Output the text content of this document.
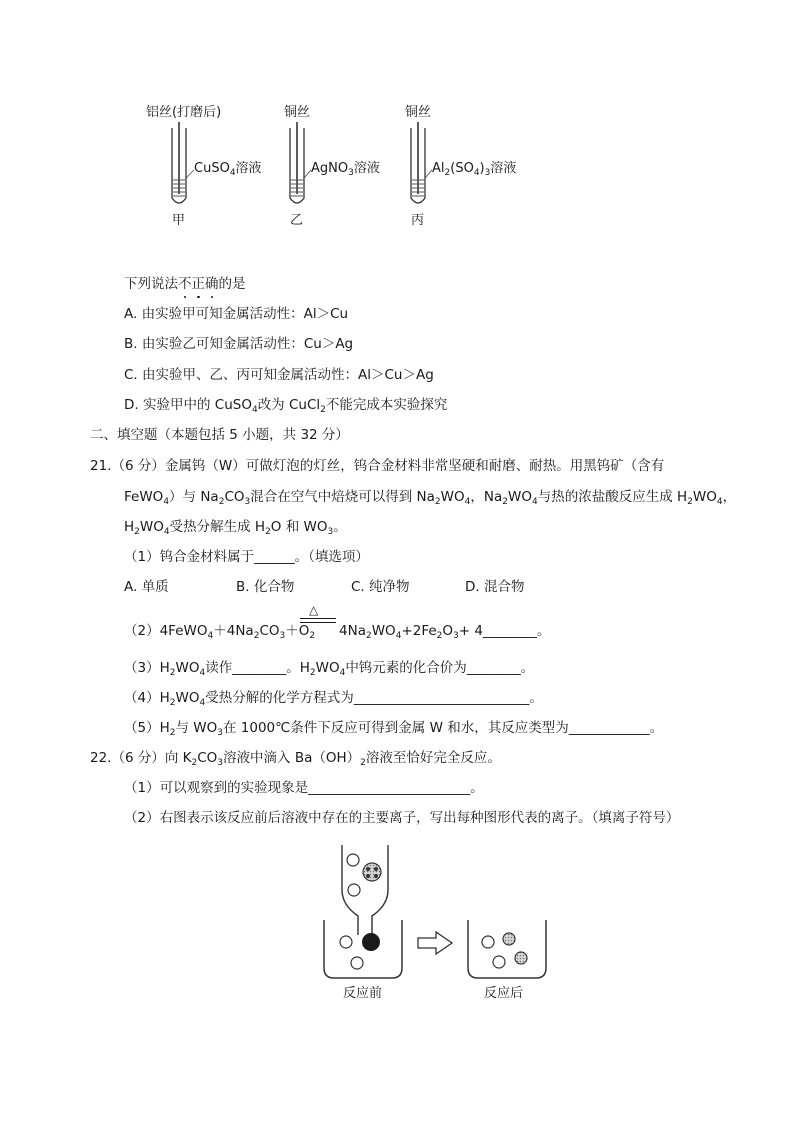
铝丝(打磨后)
CuSO$_4$溶液
甲
铜丝
AgNO$_3$溶液
乙
铜丝
$Al_2(SO_4)_3$溶液
丙
下列说法不正确的是
A. 由实验甲可知金属活动性：Al＞Cu
B. 由实验乙可知金属活动性：Cu＞Ag
C. 由实验甲、乙、丙可知金属活动性：Al＞Cu＞Ag
D. 实验甲中的 CuSO$_4$改为 CuCl$_2$不能完成本实验探究
二、填空题（本题包括 5 小题，共 32 分）
21.（6 分）金属钨（W）可做灯泡的灯丝，钨合金材料非常坚硬和耐磨、耐热。用黑钨矿（含有
FeWO$_4$）与 $Na_2CO_3$混合在空气中焙烧可以得到 $Na_2WO_4$，$Na_2WO_4$与热的浓盐酸反应生成 $H_2WO_4$，
$H_2WO_4$受热分解生成 $H_2O$ 和 $WO_3$。
（1）钨合金材料属于______。（填选项）
A. 单质	B. 化合物	C. 纯净物	D. 混合物
$(2)4FeWO_4+4Na_2CO_3+O_2$
△
$4Na_2WO_4+2Fe_2O_3+$ 4________。
$(3)H_2WO_4$读作________。$H_2WO_4$中钨元素的化合价为________。
$(4)H_2WO_4$受热分解的化学方程式为__________________________。
$(5)H_2$与 $WO_3$在 1000℃条件下反应可得到金属 W 和水，其反应类型为____________。
22.（6 分）向 $K_2CO_3$溶液中滴入 $Ba(OH)_2$溶液至恰好完全反应。
（1）可以观察到的实验现象是________________________。
（2）右图表示该反应前后溶液中存在的主要离子，写出每种图形代表的离子。（填离子符号）
反应前	反应后
